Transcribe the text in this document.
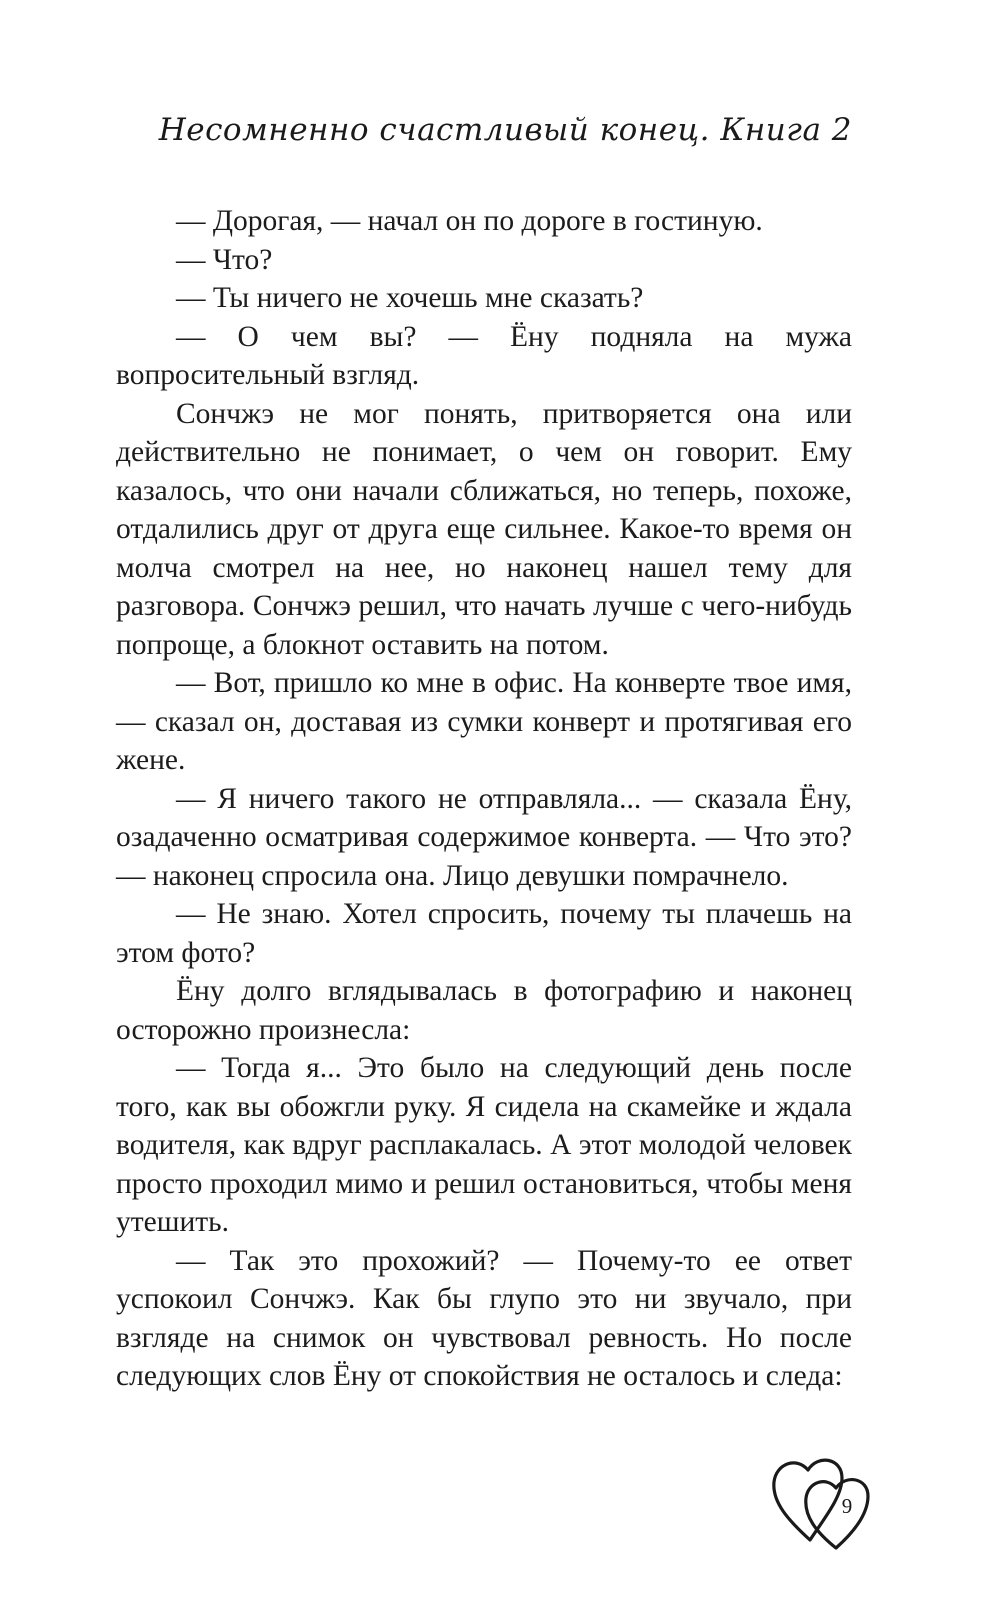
Несомненно счастливый конец. Книга 2

— Дорогая, — начал он по дороге в гостиную.

— Что?

— Ты ничего не хочешь мне сказать?

— О чем вы? — Ёну подняла на мужа вопросительный взгляд.

Сончжэ не мог понять, притворяется она или действительно не понимает, о чем он говорит. Ему казалось, что они начали сближаться, но теперь, похоже, отдалились друг от друга еще сильнее. Какое-то время он молча смотрел на нее, но наконец нашел тему для разговора. Сончжэ решил, что начать лучше с чего-нибудь попроще, а блокнот оставить на потом.

— Вот, пришло ко мне в офис. На конверте твое имя, — сказал он, доставая из сумки конверт и протягивая его жене.

— Я ничего такого не отправляла... — сказала Ёну, озадаченно осматривая содержимое конверта. — Что это? — наконец спросила она. Лицо девушки помрачнело.

— Не знаю. Хотел спросить, почему ты плачешь на этом фото?

Ёну долго вглядывалась в фотографию и наконец осторожно произнесла:

— Тогда я... Это было на следующий день после того, как вы обожгли руку. Я сидела на скамейке и ждала водителя, как вдруг расплакалась. А этот молодой человек просто проходил мимо и решил остановиться, чтобы меня утешить.

— Так это прохожий? — Почему-то ее ответ успокоил Сончжэ. Как бы глупо это ни звучало, при взгляде на снимок он чувствовал ревность. Но после следующих слов Ёну от спокойствия не осталось и следа:

9
